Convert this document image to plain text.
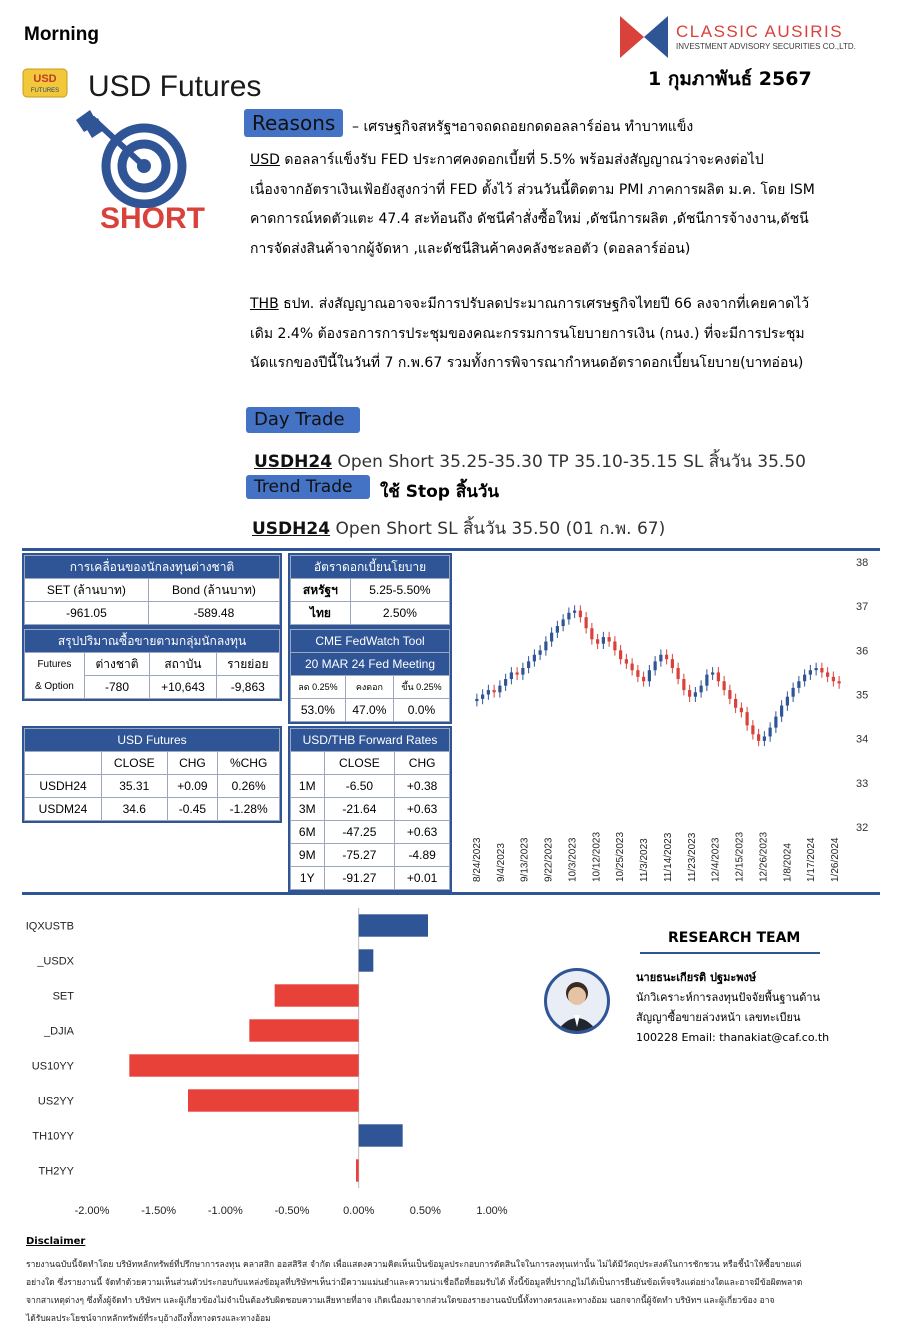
Morning
USD
FUTURES USD Futures
CLASSIC AUSIRIS
INVESTMENT ADVISORY SECURITIES CO.,LTD.
1 กุมภาพันธ์ 2567
SHORT
Reasons	– เศรษฐกิจสหรัฐฯอาจถดถอยกดดอลลาร์อ่อน ทำบาทแข็ง
USD ดอลลาร์แข็งรับ FED ประกาศคงดอกเบี้ยที่ 5.5% พร้อมส่งสัญญาณว่าจะคงต่อไป
เนื่องจากอัตราเงินเฟ้อยังสูงกว่าที่ FED ตั้งไว้ ส่วนวันนี้ติดตาม PMI ภาคการผลิต ม.ค. โดย ISM
คาดการณ์หดตัวแตะ 47.4 สะท้อนถึง ดัชนีคำสั่งซื้อใหม่ ,ดัชนีการผลิต ,ดัชนีการจ้างงาน,ดัชนี
การจัดส่งสินค้าจากผู้จัดหา ,และดัชนีสินค้าคงคลังชะลอตัว (ดอลลาร์อ่อน)
THB ธปท. ส่งสัญญาณอาจจะมีการปรับลดประมาณการเศรษฐกิจไทยปี 66 ลงจากที่เคยคาดไว้
เดิม 2.4% ต้องรอการการประชุมของคณะกรรมการนโยบายการเงิน (กนง.) ที่จะมีการประชุม
นัดแรกของปีนี้ในวันที่ 7 ก.พ.67 รวมทั้งการพิจารณากำหนดอัตราดอกเบี้ยนโยบาย(บาทอ่อน)
Day Trade
USDH24 Open Short 35.25-35.30 TP 35.10-35.15 SL สิ้นวัน 35.50
Trend Trade	ใช้ Stop สิ้นวัน
USDH24 Open Short SL สิ้นวัน 35.50 (01 ก.พ. 67)
การเคลื่อนของนักลงทุนต่างชาติ	
SET (ล้านบาท)	Bond (ล้านบาท)
-961.05	-589.48
อัตราดอกเบี้ยนโยบาย	
สหรัฐฯ	5.25-5.50%
ไทย	2.50%
สรุปปริมาณซื้อขายตามกลุ่มนักลงทุน			

Futures
& Option	ต่างชาติ	สถาบัน	รายย่อย
	-780	+10,643	-9,863
CME FedWatch Tool		
20 MAR 24 Fed Meeting		
ลด 0.25%	คงดอก	ขึ้น 0.25%
53.0%	47.0%	0.0%
USD Futures			
	CLOSE	CHG	%CHG
USDH24	35.31	+0.09	0.26%
USDM24	34.6	-0.45	-1.28%
USD/THB Forward Rates		
	CLOSE	CHG
1M	-6.50	+0.38
3M	-21.64	+0.63
6M	-47.25	+0.63
9M	-75.27	-4.89
1Y	-91.27	+0.01
32
33
34
35
36
37
38
8/24/2023 9/4/2023 9/13/2023 9/22/2023 10/3/2023 10/12/2023 10/25/2023 11/3/2023 11/14/2023 11/23/2023 12/4/2023 12/15/2023 12/26/2023 1/8/2024 1/17/2024 1/26/2024
IQXUSTB
_USDX
SET
_DJIA
US10YY
US2YY
TH10YY
TH2YY
-2.00%	-1.50%	-1.00%	-0.50%	0.00%	0.50%	1.00%
RESEARCH TEAM
นายธนะเกียรติ ปฐมะพงษ์
นักวิเคราะห์การลงทุนปัจจัยพื้นฐานด้าน
สัญญาซื้อขายล่วงหน้า เลขทะเบียน
100228 Email: thanakiat@caf.co.th
Disclaimer
รายงานฉบับนี้จัดทำโดย บริษัทหลักทรัพย์ที่ปรึกษาการลงทุน คลาสสิก ออสสิริส จำกัด เพื่อแสดงความคิดเห็นเป็นข้อมูลประกอบการตัดสินใจในการลงทุนเท่านั้น ไม่ได้มีวัตถุประสงค์ในการชักชวน หรือชี้นำให้ซื้อขายแต่
อย่างใด ซึ่งรายงานนี้ จัดทำด้วยความเห็นส่วนตัวประกอบกับแหล่งข้อมูลที่บริษัทฯเห็นว่ามีความแม่นยำและความน่าเชื่อถือที่ยอมรับได้ ทั้งนี้ข้อมูลที่ปรากฏไม่ได้เป็นการยืนยันข้อเท็จจริงแต่อย่างใดและอาจมีข้อผิดพลาด
จากสาเหตุต่างๆ ซึ่งทั้งผู้จัดทำ บริษัทฯ และผู้เกี่ยวข้องไม่จำเป็นต้องรับผิดชอบความเสียหายที่อาจ เกิดเนื่องมาจากส่วนใดของรายงานฉบับนี้ทั้งทางตรงและทางอ้อม นอกจากนี้ผู้จัดทำ บริษัทฯ และผู้เกี่ยวข้อง อาจ
ได้รับผลประโยชน์จากหลักทรัพย์ที่ระบุอ้างถึงทั้งทางตรงและทางอ้อม
